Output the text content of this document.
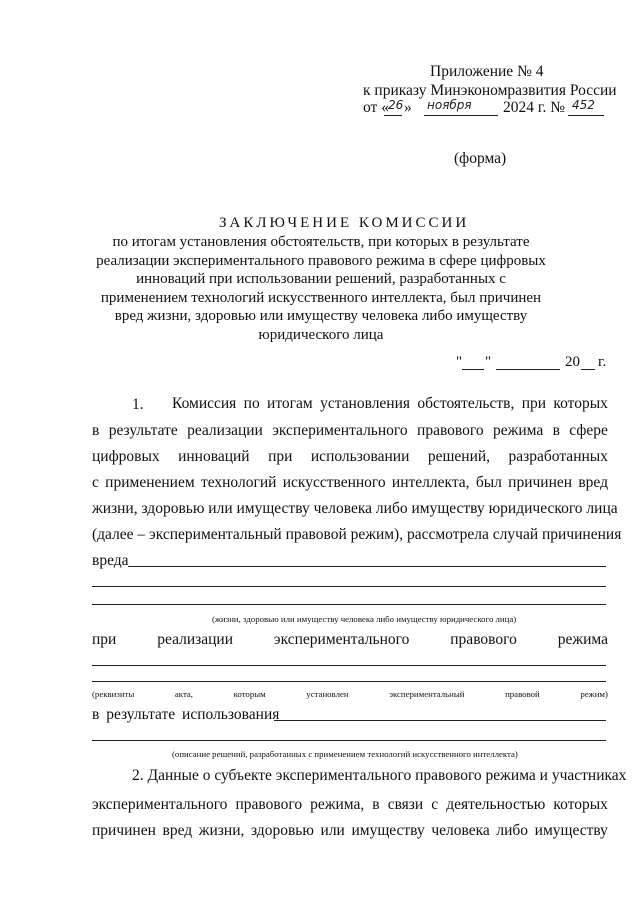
Приложение № 4
к приказу Минэкономразвития России
от « 26 » ноября 2024 г. № 452
(форма)
ЗАКЛЮЧЕНИЕ КОМИССИИ
по итогам установления обстоятельств, при которых в результате реализации экспериментального правового режима в сфере цифровых инноваций при использовании решений, разработанных с применением технологий искусственного интеллекта, был причинен вред жизни, здоровью или имуществу человека либо имуществу юридического лица
" "	20 г.
1. Комиссия по итогам установления обстоятельств, при которых
в результате реализации экспериментального правового режима в сфере
цифровых инноваций при использовании решений, разработанных
с применением технологий искусственного интеллекта, был причинен вред
жизни, здоровью или имуществу человека либо имуществу юридического лица
(далее – экспериментальный правовой режим), рассмотрела случай причинения
вреда
(жизни, здоровью или имуществу человека либо имуществу юридического лица)
при	реализации	экспериментального	правового	режима
(реквизиты	акта,	которым	установлен	экспериментальный	правовой	режим)
в результате использования
(описание решений, разработанных с применением технологий искусственного интеллекта)
2. Данные о субъекте экспериментального правового режима и участниках
экспериментального правового режима, в связи с деятельностью которых
причинен вред жизни, здоровью или имуществу человека либо имуществу
